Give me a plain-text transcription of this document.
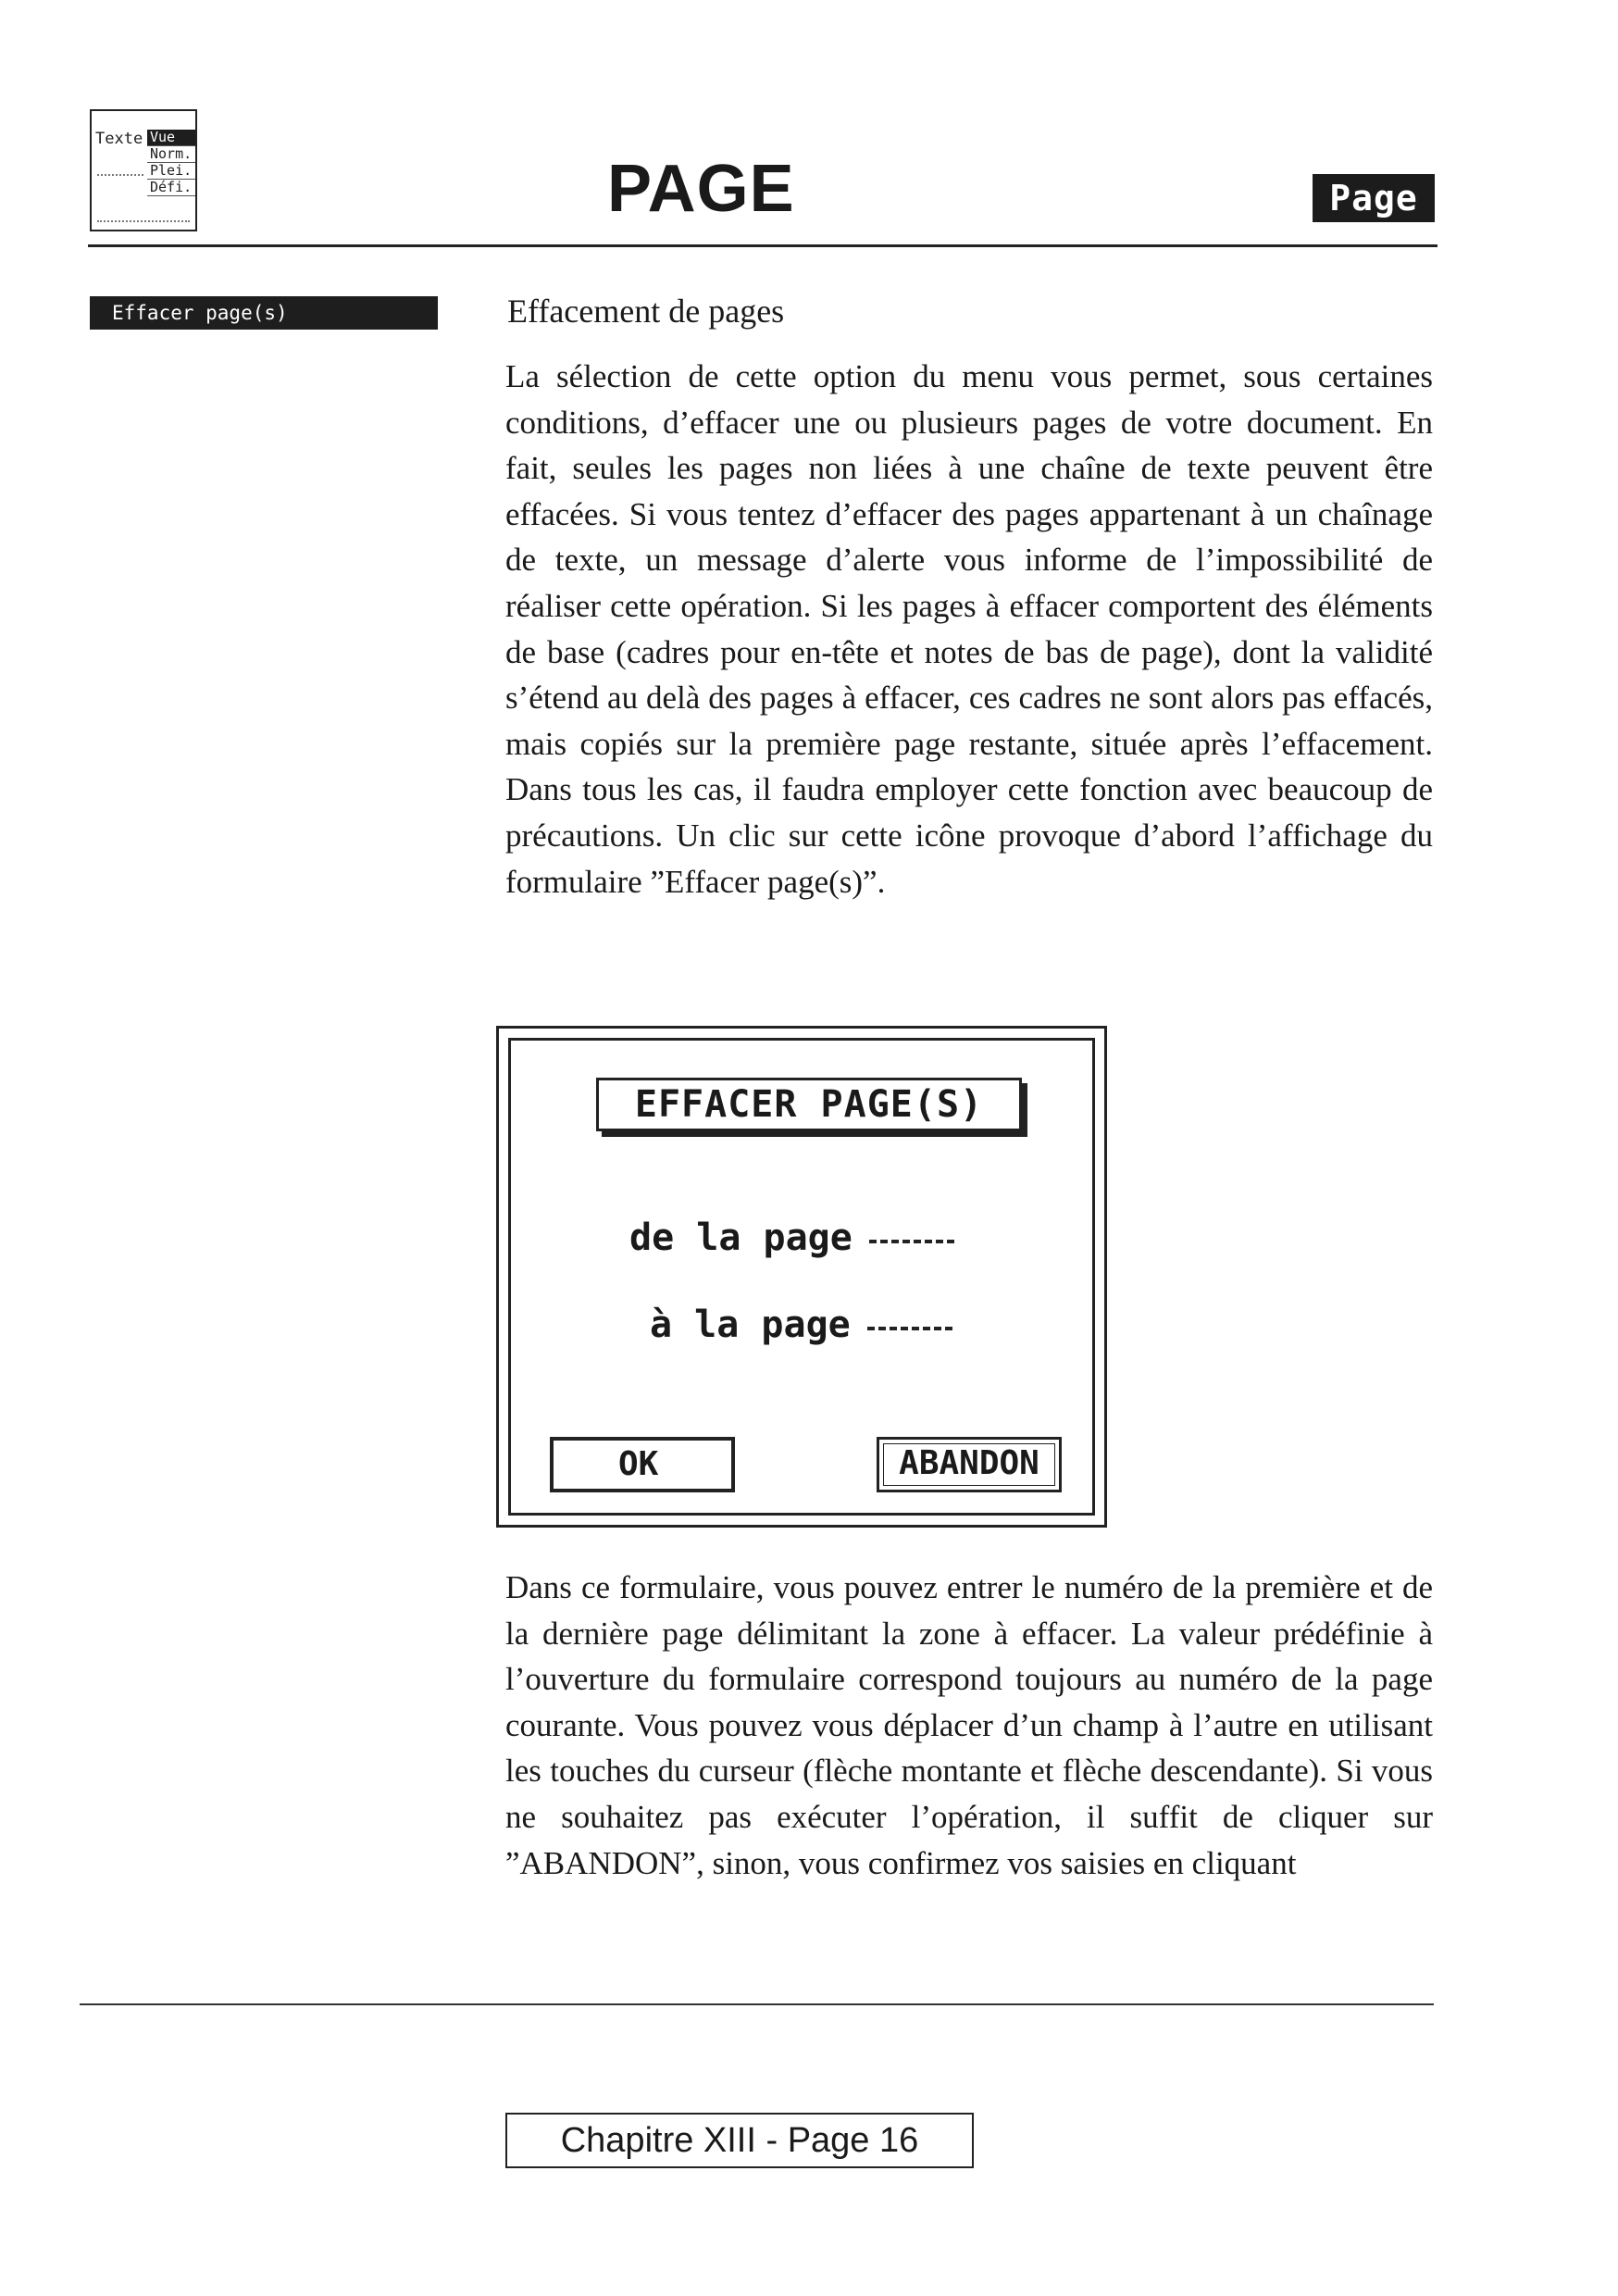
Texte Vue
Norm.
Plei.
Défi.	PAGE	Page
Effacer page(s)	Effacement de pages

La sélection de cette option du menu vous permet, sous certaines conditions, d’effacer une ou plusieurs pages de votre document. En fait, seules les pages non liées à une chaîne de texte peuvent être effacées. Si vous tentez d’effacer des pages appartenant à un chaînage de texte, un message d’alerte vous informe de l’impossibilité de réaliser cette opération. Si les pages à effacer comportent des éléments de base (cadres pour en-tête et notes de bas de page), dont la validité s’étend au delà des pages à effacer, ces cadres ne sont alors pas effacés, mais copiés sur la première page restante, située après l’effacement. Dans tous les cas, il faudra employer cette fonction avec beaucoup de précautions. Un clic sur cette icône provoque d’abord l’affichage du formulaire ”Effacer page(s)”.

EFFACER PAGE(S)
de la page
à la page
OK	ABANDON

Dans ce formulaire, vous pouvez entrer le numéro de la première et de la dernière page délimitant la zone à effacer. La valeur prédéfinie à l’ouverture du formulaire correspond toujours au numéro de la page courante. Vous pouvez vous déplacer d’un champ à l’autre en utilisant les touches du curseur (flèche montante et flèche descendante). Si vous ne souhaitez pas exécuter l’opération, il suffit de cliquer sur ”ABANDON”, sinon, vous confirmez vos saisies en cliquant

Chapitre XIII - Page 16
